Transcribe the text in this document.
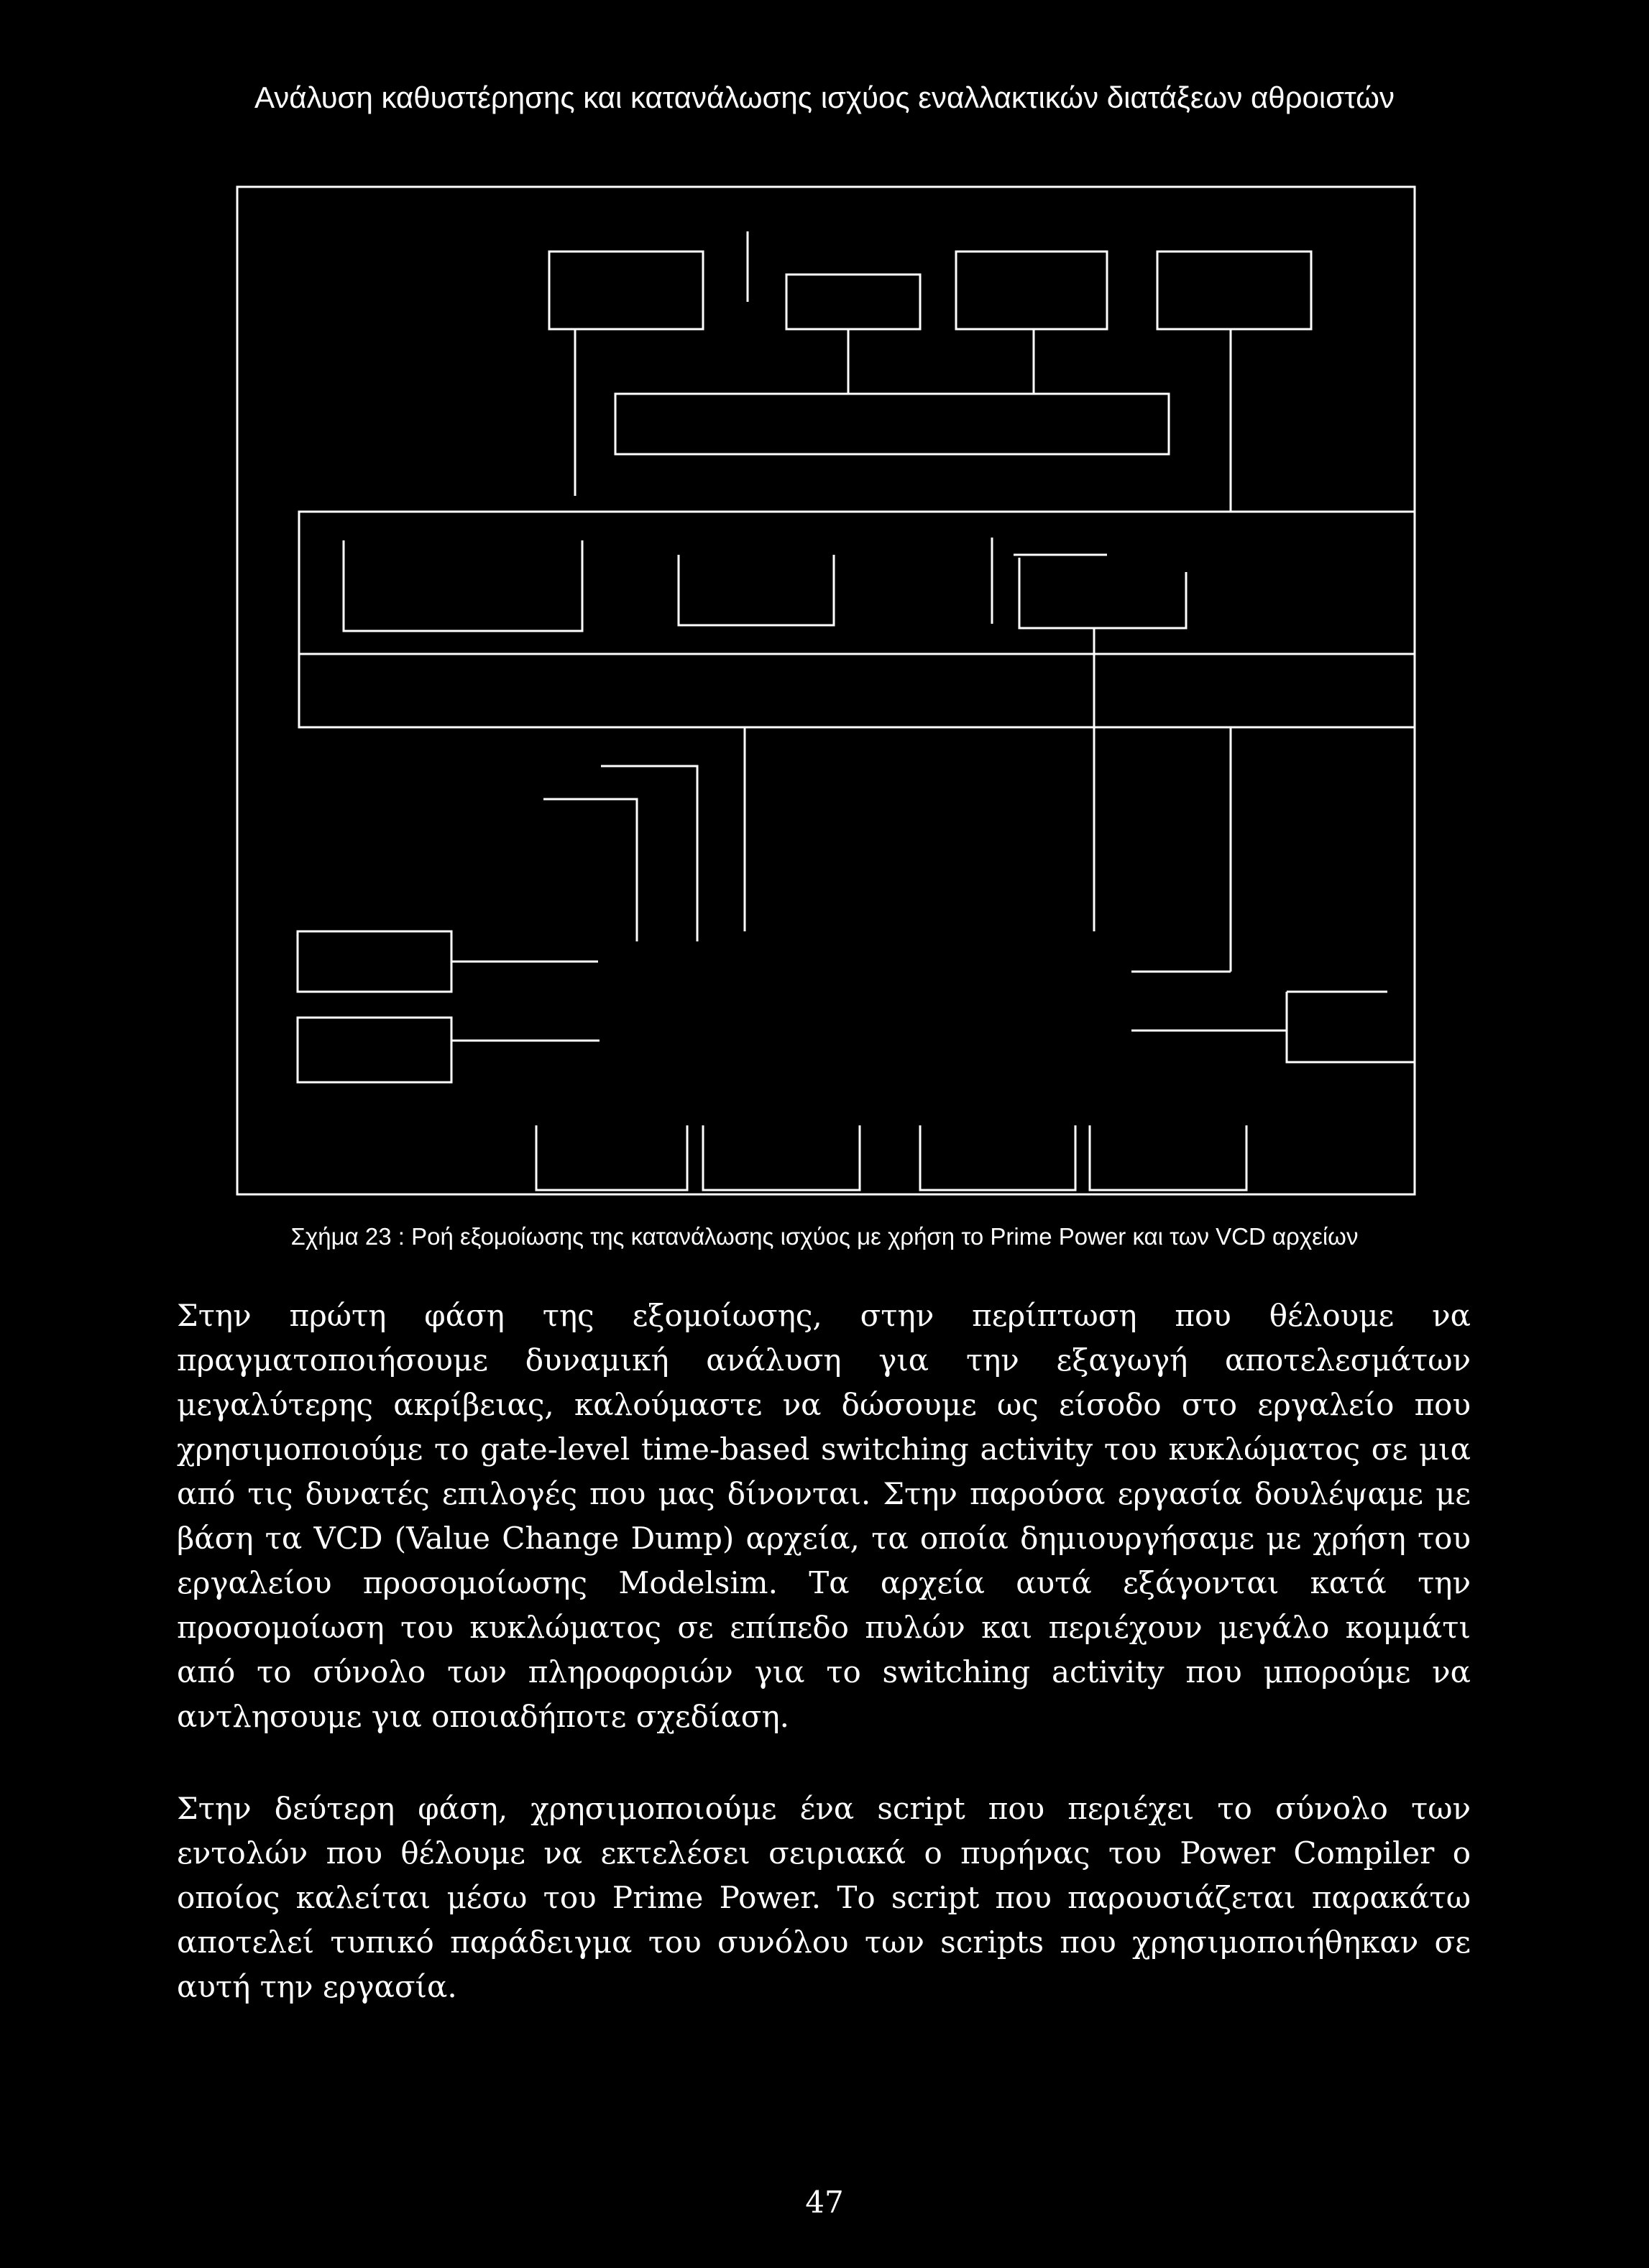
Ανάλυση καθυστέρησης και κατανάλωσης ισχύος εναλλακτικών διατάξεων αθροιστών
Σχήμα 23 : Ροή εξομοίωσης της κατανάλωσης ισχύος με χρήση το Prime Power και των VCD αρχείων

Στην πρώτη φάση της εξομοίωσης, στην περίπτωση που θέλουμε να πραγματοποιήσουμε δυναμική ανάλυση για την εξαγωγή αποτελεσμάτων μεγαλύτερης ακρίβειας, καλούμαστε να δώσουμε ως είσοδο στο εργαλείο που χρησιμοποιούμε το gate-level time-based switching activity του κυκλώματος σε μια από τις δυνατές επιλογές που μας δίνονται. Στην παρούσα εργασία δουλέψαμε με βάση τα VCD (Value Change Dump) αρχεία, τα οποία δημιουργήσαμε με χρήση του εργαλείου προσομοίωσης Modelsim. Τα αρχεία αυτά εξάγονται κατά την προσομοίωση του κυκλώματος σε επίπεδο πυλών και περιέχουν μεγάλο κομμάτι από το σύνολο των πληροφοριών για το switching activity που μπορούμε να αντλησουμε για οποιαδήποτε σχεδίαση.

Στην δεύτερη φάση, χρησιμοποιούμε ένα script που περιέχει το σύνολο των εντολών που θέλουμε να εκτελέσει σειριακά ο πυρήνας του Power Compiler ο οποίος καλείται μέσω του Prime Power. Το script που παρουσιάζεται παρακάτω αποτελεί τυπικό παράδειγμα του συνόλου των scripts που χρησιμοποιήθηκαν σε αυτή την εργασία.

47
